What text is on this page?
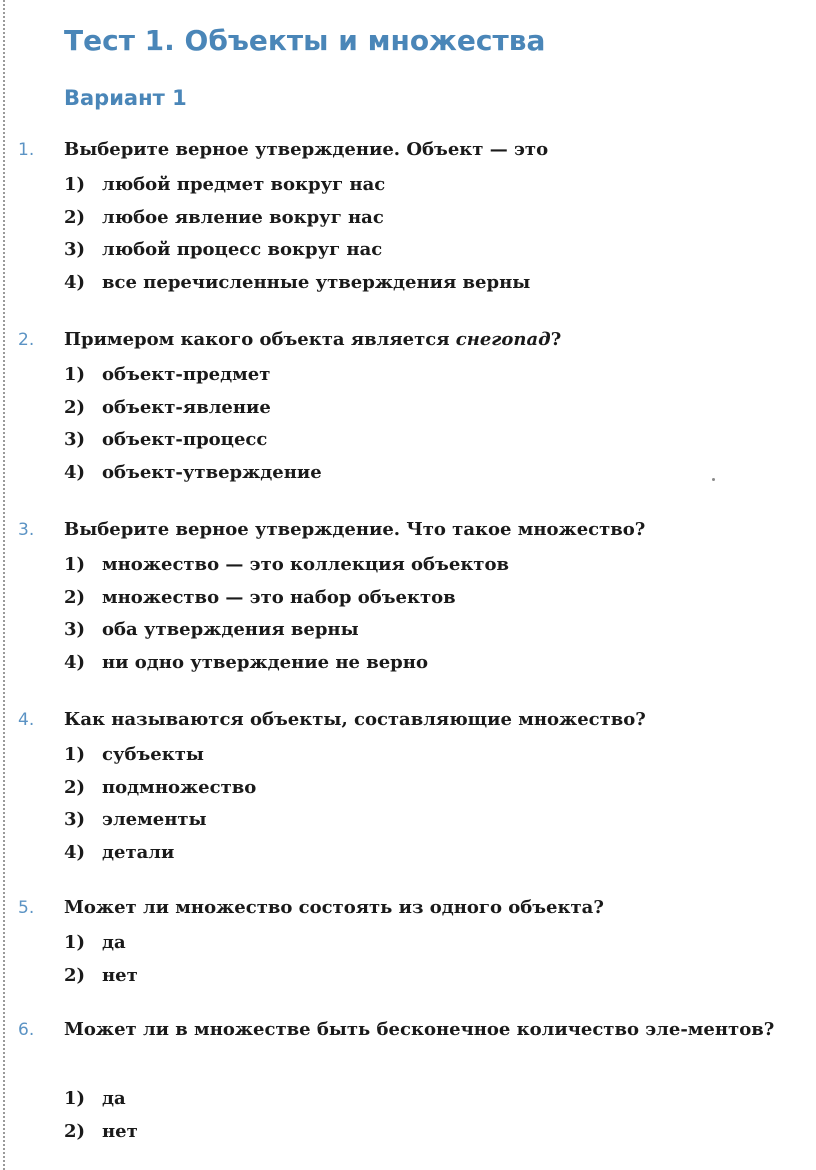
Тест 1. Объекты и множества
Вариант 1
1. Выберите верное утверждение. Объект — это
1) любой предмет вокруг нас
2) любое явление вокруг нас
3) любой процесс вокруг нас
4) все перечисленные утверждения верны
2. Примером какого объекта является снегопад?
1) объект-предмет
2) объект-явление
3) объект-процесс
4) объект-утверждение
3. Выберите верное утверждение. Что такое множество?
1) множество — это коллекция объектов
2) множество — это набор объектов
3) оба утверждения верны
4) ни одно утверждение не верно
4. Как называются объекты, составляющие множество?
1) субъекты
2) подмножество
3) элементы
4) детали
5. Может ли множество состоять из одного объекта?
1) да
2) нет
6. Может ли в множестве быть бесконечное количество эле-ментов?
1) да
2) нет
